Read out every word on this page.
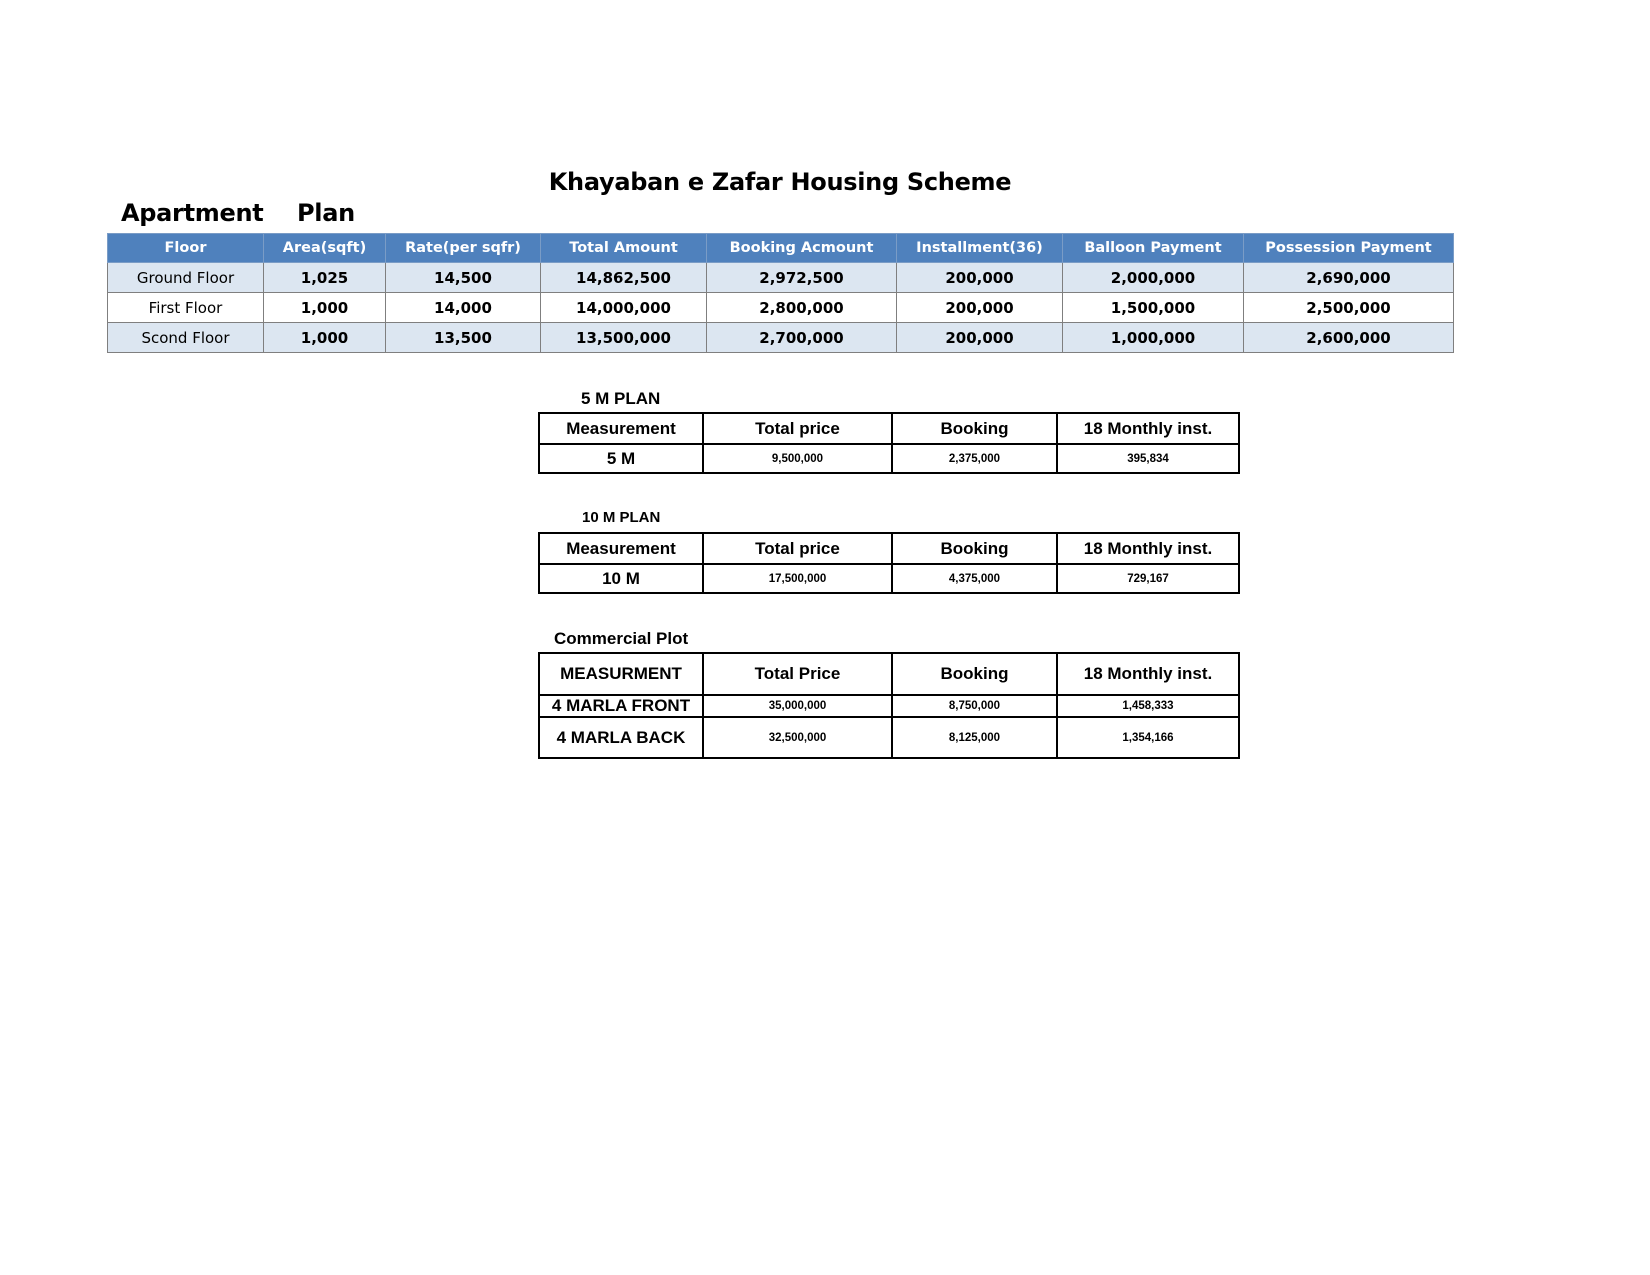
Khayaban e Zafar Housing Scheme
Apartment Plan
Floor	Area(sqft)	Rate(per sqfr)	Total Amount	Booking Acmount	Installment(36)	Balloon Payment	Possession Payment
Ground Floor	1,025	14,500	14,862,500	2,972,500	200,000	2,000,000	2,690,000
First Floor	1,000	14,000	14,000,000	2,800,000	200,000	1,500,000	2,500,000
Scond Floor	1,000	13,500	13,500,000	2,700,000	200,000	1,000,000	2,600,000
5 M PLAN
Measurement	Total price	Booking	18 Monthly inst.
5 M	9,500,000	2,375,000	395,834
10 M PLAN
Measurement	Total price	Booking	18 Monthly inst.
10 M	17,500,000	4,375,000	729,167
Commercial Plot
MEASURMENT	Total Price	Booking	18 Monthly inst.
4 MARLA FRONT	35,000,000	8,750,000	1,458,333
4 MARLA BACK	32,500,000	8,125,000	1,354,166
